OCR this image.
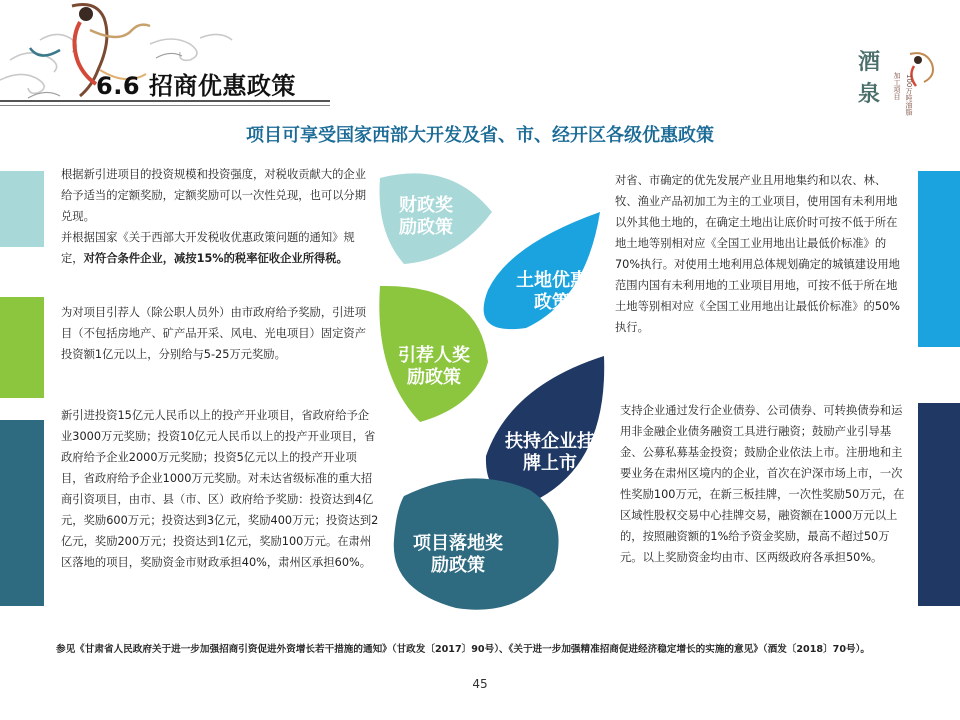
6.6 招商优惠政策
酒泉 加工项目 100万吨油脂
项目可享受国家西部大开发及省、市、经开区各级优惠政策
财政奖励政策
土地优惠政策
引荐人奖励政策
扶持企业挂牌上市
项目落地奖励政策
根据新引进项目的投资规模和投资强度，对税收贡献大的企业给予适当的定额奖励，定额奖励可以一次性兑现，也可以分期兑现。
并根据国家《关于西部大开发税收优惠政策问题的通知》规定，对符合条件企业，减按15%的税率征收企业所得税。
为对项目引荐人（除公职人员外）由市政府给予奖励，引进项目（不包括房地产、矿产品开采、风电、光电项目）固定资产投资额1亿元以上，分别给与5-25万元奖励。
新引进投资15亿元人民币以上的投产开业项目，省政府给予企业3000万元奖励；投资10亿元人民币以上的投产开业项目，省政府给予企业2000万元奖励；投资5亿元以上的投产开业项目，省政府给予企业1000万元奖励。对未达省级标准的重大招商引资项目，由市、县（市、区）政府给予奖励：投资达到4亿元，奖励600万元；投资达到3亿元，奖励400万元；投资达到2亿元，奖励200万元；投资达到1亿元，奖励100万元。在肃州区落地的项目，奖励资金市财政承担40%，肃州区承担60%。
对省、市确定的优先发展产业且用地集约和以农、林、牧、渔业产品初加工为主的工业项目，使用国有未利用地以外其他土地的，在确定土地出让底价时可按不低于所在地土地等别相对应《全国工业用地出让最低价标准》的70%执行。对使用土地利用总体规划确定的城镇建设用地范围内国有未利用地的工业项目用地，可按不低于所在地土地等别相对应《全国工业用地出让最低价标准》的50%执行。
支持企业通过发行企业债券、公司债券、可转换债券和运用非金融企业债务融资工具进行融资；鼓励产业引导基金、公募私募基金投资；鼓励企业依法上市。注册地和主要业务在肃州区境内的企业，首次在沪深市场上市，一次性奖励100万元，在新三板挂牌，一次性奖励50万元，在区域性股权交易中心挂牌交易，融资额在1000万元以上的，按照融资额的1%给予资金奖励，最高不超过50万元。以上奖励资金均由市、区两级政府各承担50%。
参见《甘肃省人民政府关于进一步加强招商引资促进外资增长若干措施的通知》（甘政发〔2017〕90号）、《关于进一步加强精准招商促进经济稳定增长的实施的意见》（酒发〔2018〕70号）。
45
